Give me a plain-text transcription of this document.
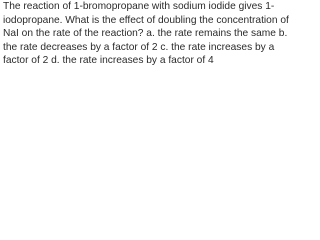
The reaction of 1-bromopropane with sodium iodide gives 1-
iodopropane. What is the effect of doubling the concentration of
NaI on the rate of the reaction? a. the rate remains the same b.
the rate decreases by a factor of 2 c. the rate increases by a
factor of 2 d. the rate increases by a factor of 4
